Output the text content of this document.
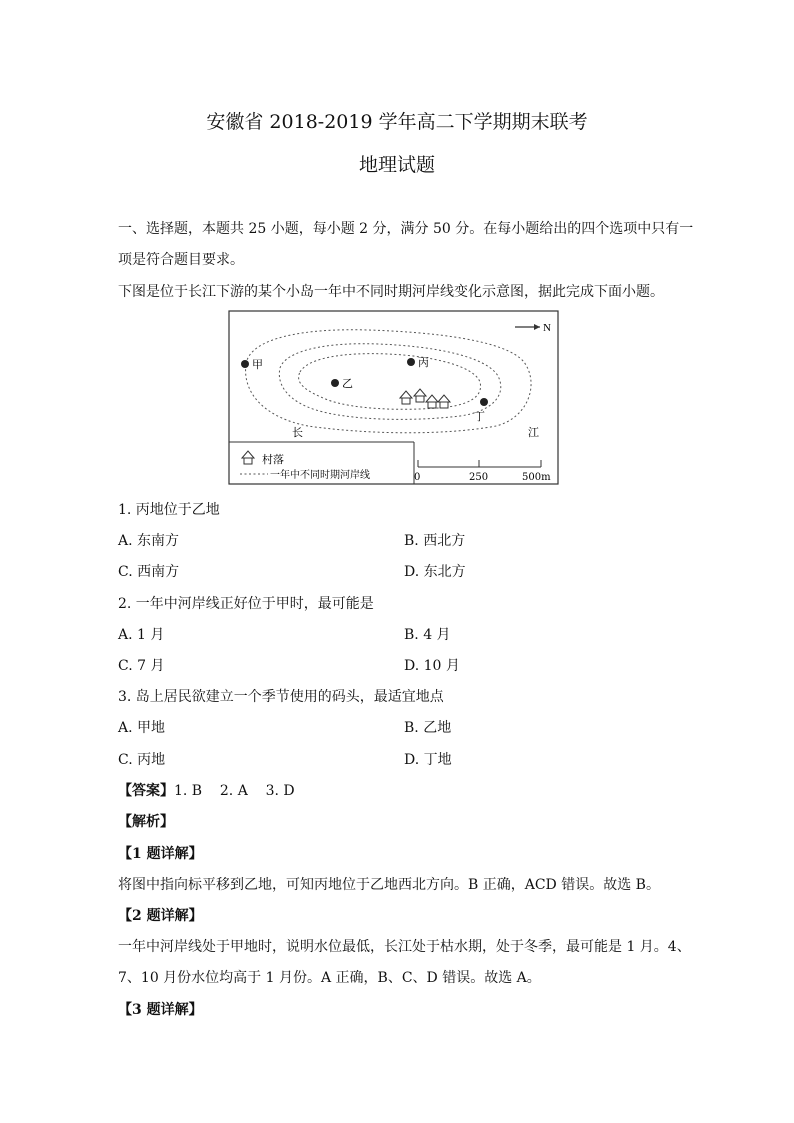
安徽省 2018-2019 学年高二下学期期末联考
地理试题
一、选择题，本题共 25 小题，每小题 2 分，满分 50 分。在每小题给出的四个选项中只有一
项是符合题目要求。
下图是位于长江下游的某个小岛一年中不同时期河岸线变化示意图，据此完成下面小题。
N
甲	丙
乙
丁
长	江
村落
一年中不同时期河岸线	0	250	500m
1. 丙地位于乙地
A. 东南方	B. 西北方
C. 西南方	D. 东北方
2. 一年中河岸线正好位于甲时，最可能是
A. 1 月	B. 4 月
C. 7 月	D. 10 月
3. 岛上居民欲建立一个季节使用的码头，最适宜地点
A. 甲地	B. 乙地
C. 丙地	D. 丁地
【答案】1. B    2. A    3. D
【解析】
【1 题详解】
将图中指向标平移到乙地，可知丙地位于乙地西北方向。B 正确，ACD 错误。故选 B。
【2 题详解】
一年中河岸线处于甲地时，说明水位最低，长江处于枯水期，处于冬季，最可能是 1 月。4、
7、10 月份水位均高于 1 月份。A 正确，B、C、D 错误。故选 A。
【3 题详解】
